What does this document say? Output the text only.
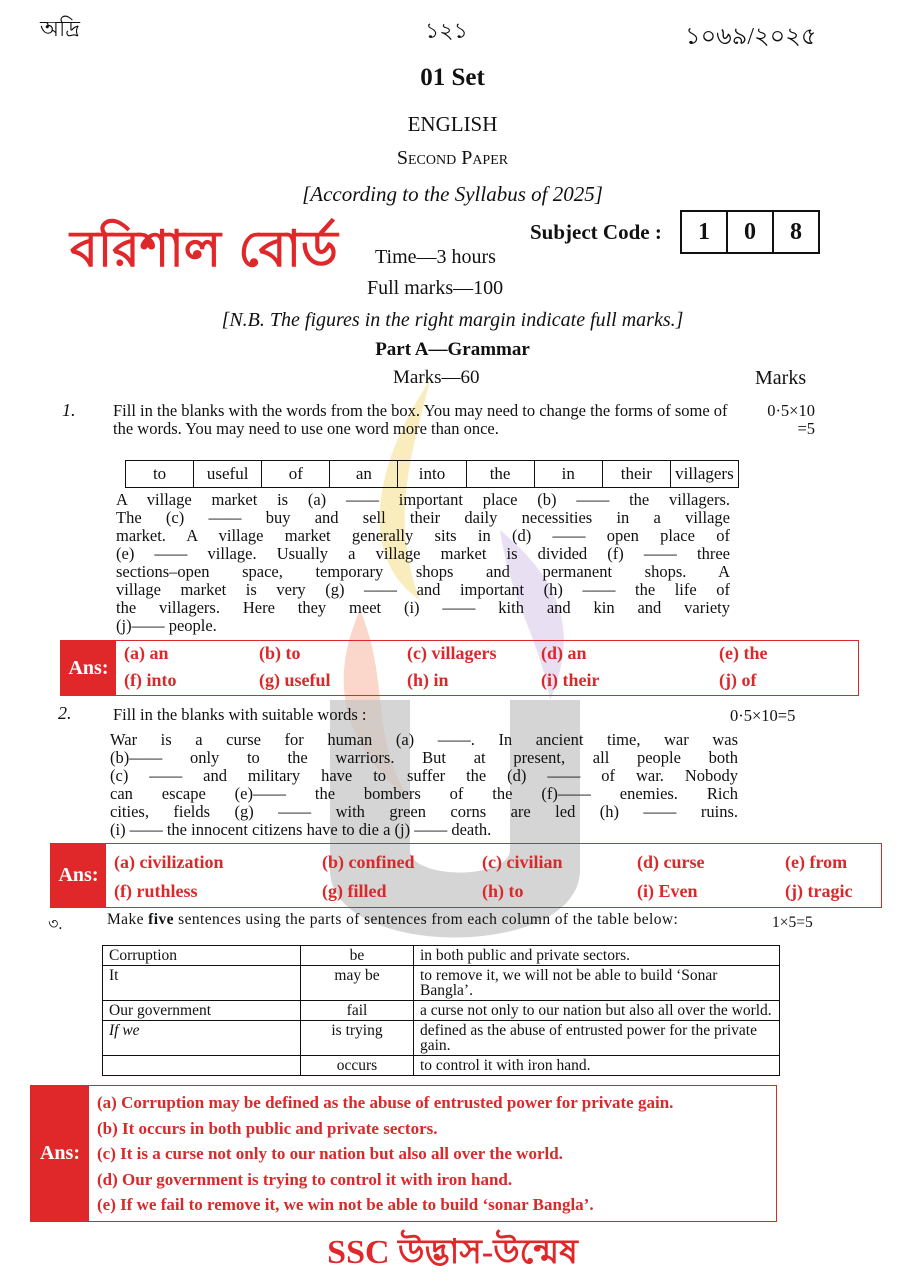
অদ্রি	১২১	১০৬৯/২০২৫
01 Set
ENGLISH
Second Paper
[According to the Syllabus of 2025]
বরিশাল বোর্ড	Subject Code :	1	0	8
Time—3 hours
Full marks—100
[N.B. The figures in the right margin indicate full marks.]
Part A—Grammar
Marks—60	Marks
1. Fill in the blanks with the words from the box. You may need to change the forms of some of the words. You may need to use one word more than once.
0·5×10
=5
to	useful	of	an	into	the	in	their	villagers
A village market is (a) —— important place (b) —— the villagers.
The (c) —— buy and sell their daily necessities in a village
market. A village market generally sits in (d) —— open place of
(e) —— village. Usually a village market is divided (f) —— three
sections–open space, temporary shops and permanent shops. A
village market is very (g) —— and important (h) —— the life of
the villagers. Here they meet (i) —— kith and kin and variety
(j)—— people.
Ans:
(a) an	(b) to	(c) villagers	(d) an	(e) the
(f) into	(g) useful	(h) in	(i) their	(j) of
2.	Fill in the blanks with suitable words :	0·5×10=5
War is a curse for human (a) ——. In ancient time, war was
(b)—— only to the warriors. But at present, all people both
(c) —— and military have to suffer the (d) —— of war. Nobody
can escape (e)—— the bombers of the (f)—— enemies. Rich
cities, fields (g) —— with green corns are led (h) —— ruins.
(i) —— the innocent citizens have to die a (j) —— death.
Ans:
(a) civilization	(b) confined	(c) civilian	(d) curse	(e) from
(f) ruthless	(g) filled	(h) to	(i) Even	(j) tragic
৩.	Make five sentences using the parts of sentences from each column of the table below:	1×5=5
Corruption	be	in both public and private sectors.
It	may be	to remove it, we will not be able to build ‘Sonar Bangla’.
Our government	fail	a curse not only to our nation but also all over the world.
If we	is trying	defined as the abuse of entrusted power for the private gain.
	occurs	to control it with iron hand.
Ans:
(a) Corruption may be defined as the abuse of entrusted power for private gain.
(b) It occurs in both public and private sectors.
(c) It is a curse not only to our nation but also all over the world.
(d) Our government is trying to control it with iron hand.
(e) If we fail to remove it, we win not be able to build ‘sonar Bangla’.
SSC উদ্ভাস-উন্মেষ
